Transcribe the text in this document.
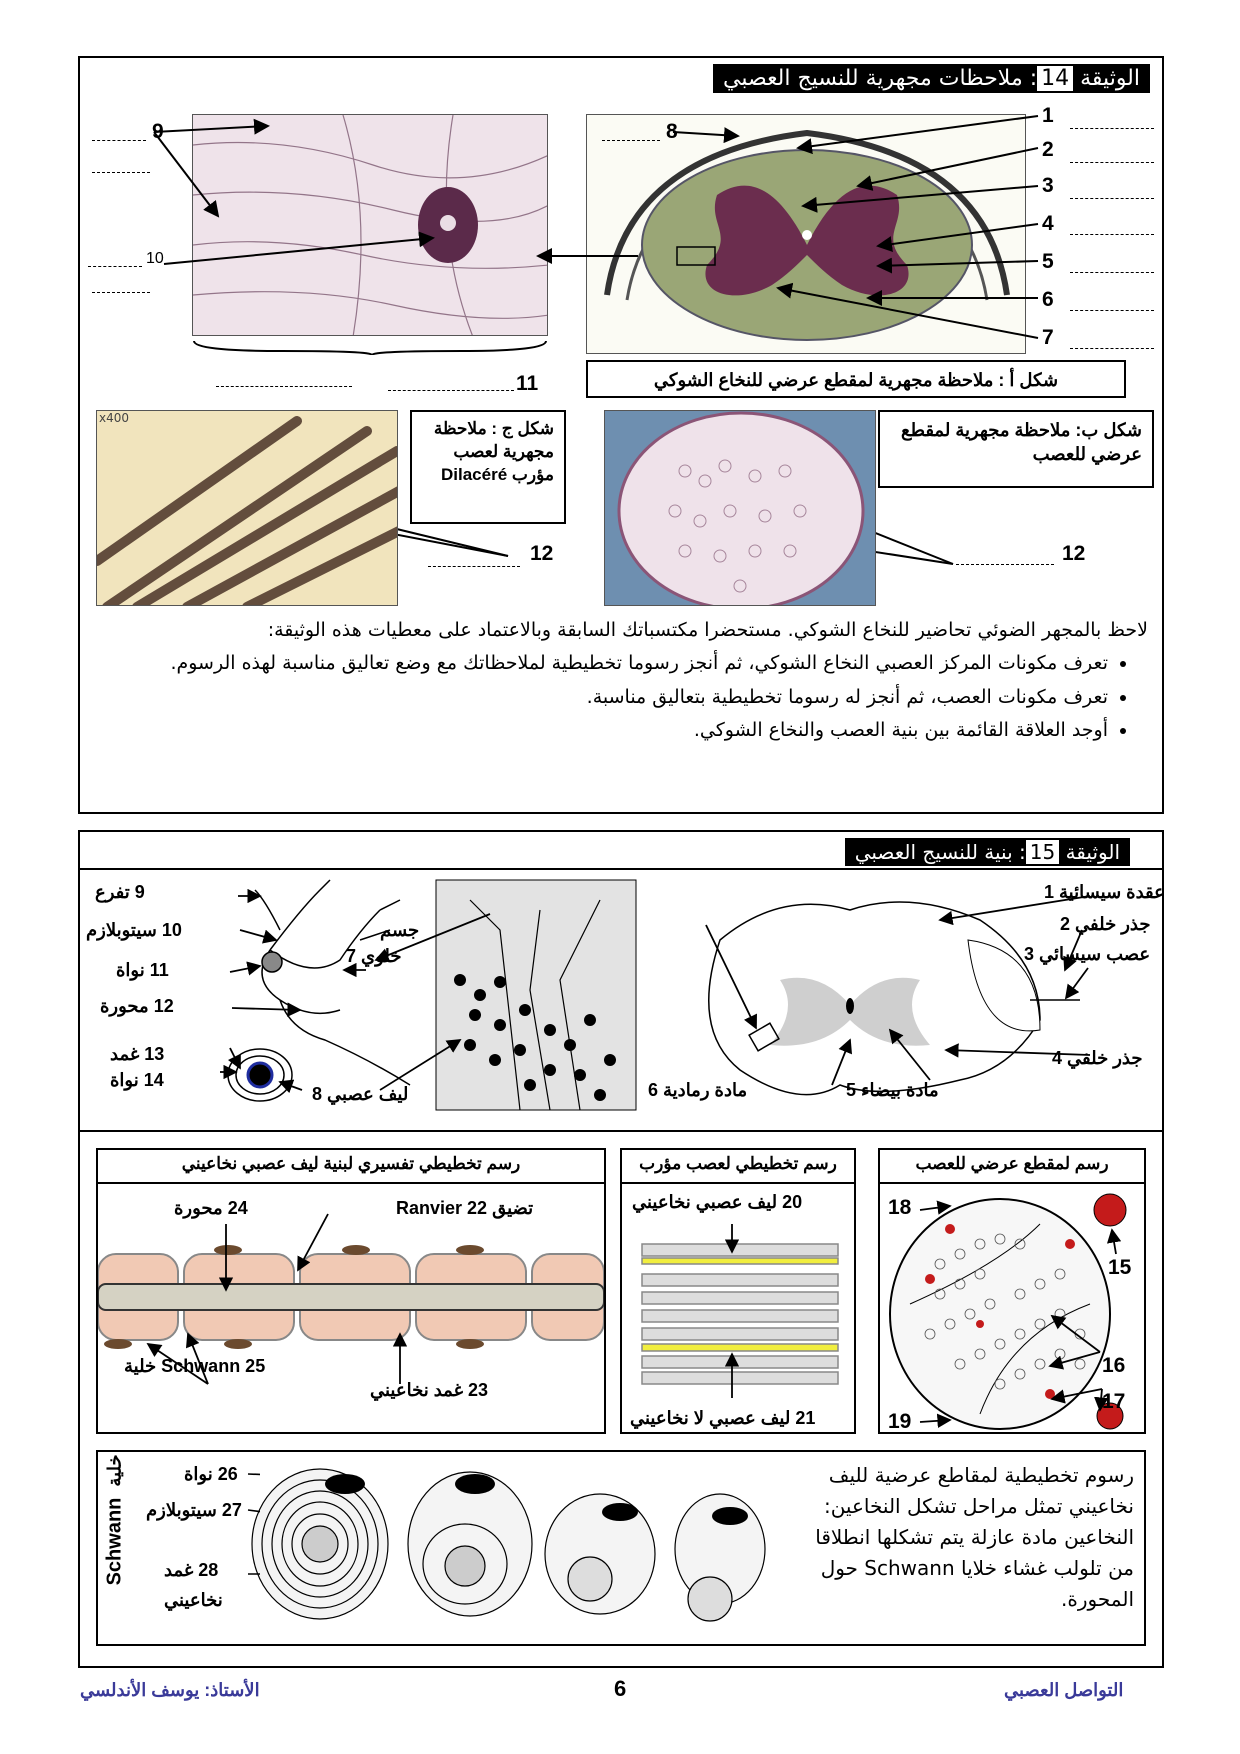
الوثيقة 14: ملاحظات مجهرية للنسيج العصبي
1
2
3
4
5
6
7
8
9
10
11	شكل أ : ملاحظة مجهرية لمقطع عرضي للنخاع الشوكي
شكل ب: ملاحظة مجهرية لمقطع عرضي للعصب
12
x400
شكل ج : ملاحظة مجهرية لعصب مؤرب Dilacéré
12
لاحظ بالمجهر الضوئي تحاضير للنخاع الشوكي. مستحضرا مكتسباتك السابقة وبالاعتماد على معطيات هذه الوثيقة:
• تعرف مكونات المركز العصبي النخاع الشوكي، ثم أنجز رسوما تخطيطية لملاحظاتك مع وضع تعاليق مناسبة لهذه الرسوم.
• تعرف مكونات العصب، ثم أنجز له رسوما تخطيطية بتعاليق مناسبة.
• أوجد العلاقة القائمة بين بنية العصب والنخاع الشوكي.
الوثيقة 15: بنية للنسيج العصبي
9 تفرع
10 سيتوبلازم
11 نواة
12 محورة
13 غمد
14 نواة
جسم
خلوي 7
ليف عصبي 8
عقدة سيسائية 1
جذر خلفي 2
عصب سيسائي 3
جذر خلفي 4
مادة بيضاء 5
مادة رمادية 6
رسم تخطيطي تفسيري لبنية ليف عصبي نخاعيني	رسم تخطيطي لعصب مؤرب	رسم لمقطع عرضي للعصب
24 محورة	تضيق Ranvier 22
Schwann 25 خلية
23 غمد نخاعيني
20 ليف عصبي نخاعيني
21 ليف عصبي لا نخاعيني
18
15
16
17
19
Schwann
خلية	26 نواة
27 سيتوبلازم
28 غمد
نخاعيني
رسوم تخطيطية لمقاطع عرضية لليف نخاعيني تمثل مراحل تشكل النخاعين: النخاعين مادة عازلة يتم تشكلها انطلاقا من تلولب غشاء خلايا Schwann حول المحورة.
التواصل العصبي
6
الأستاذ: يوسف الأندلسي
